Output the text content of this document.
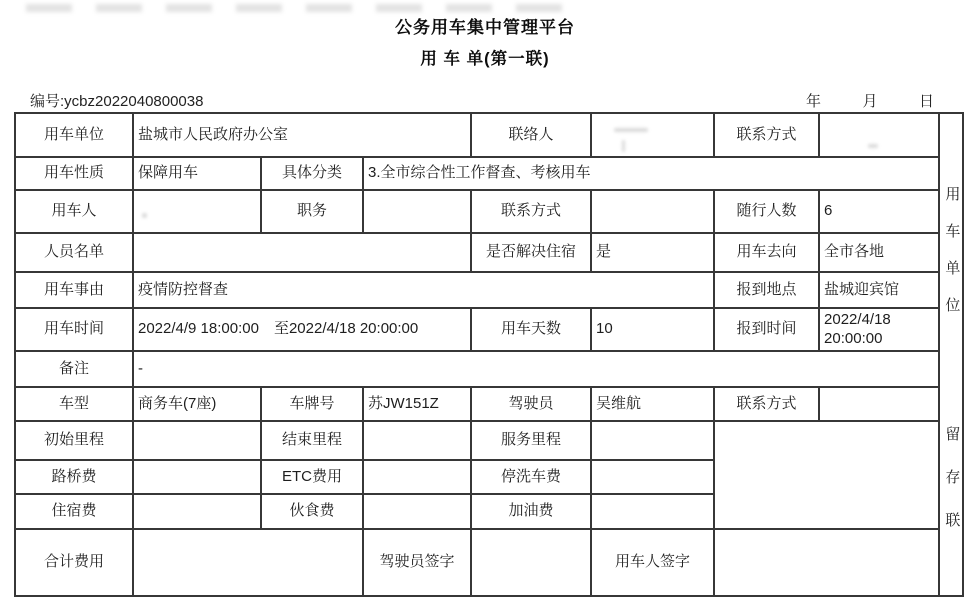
公务用车集中管理平台
用 车 单(第一联)
编号:ycbz2022040800038	年	月	日
用车单位	盐城市人民政府办公室			联络人		联系方式		用车单位
留存联

用车性质	保障用车	具体分类	3.全市综合性工作督查、考核用车					
用车人		职务		联系方式		随行人数	6	
人员名单				是否解决住宿	是	用车去向	全市各地	
用车事由	疫情防控督查					报到地点	盐城迎宾馆	
用车时间	2022/4/9 18:00:00　至2022/4/18 20:00:00			用车天数	10	报到时间	2022/4/18 20:00:00	
备注	-							
车型	商务车(7座)	车牌号	苏JW151Z	驾驶员	吴维航	联系方式		
初始里程		结束里程		服务里程				
路桥费		ETC费用		停洗车费				
住宿费		伙食费		加油费				
合计费用			驾驶员签字		用车人签字			
